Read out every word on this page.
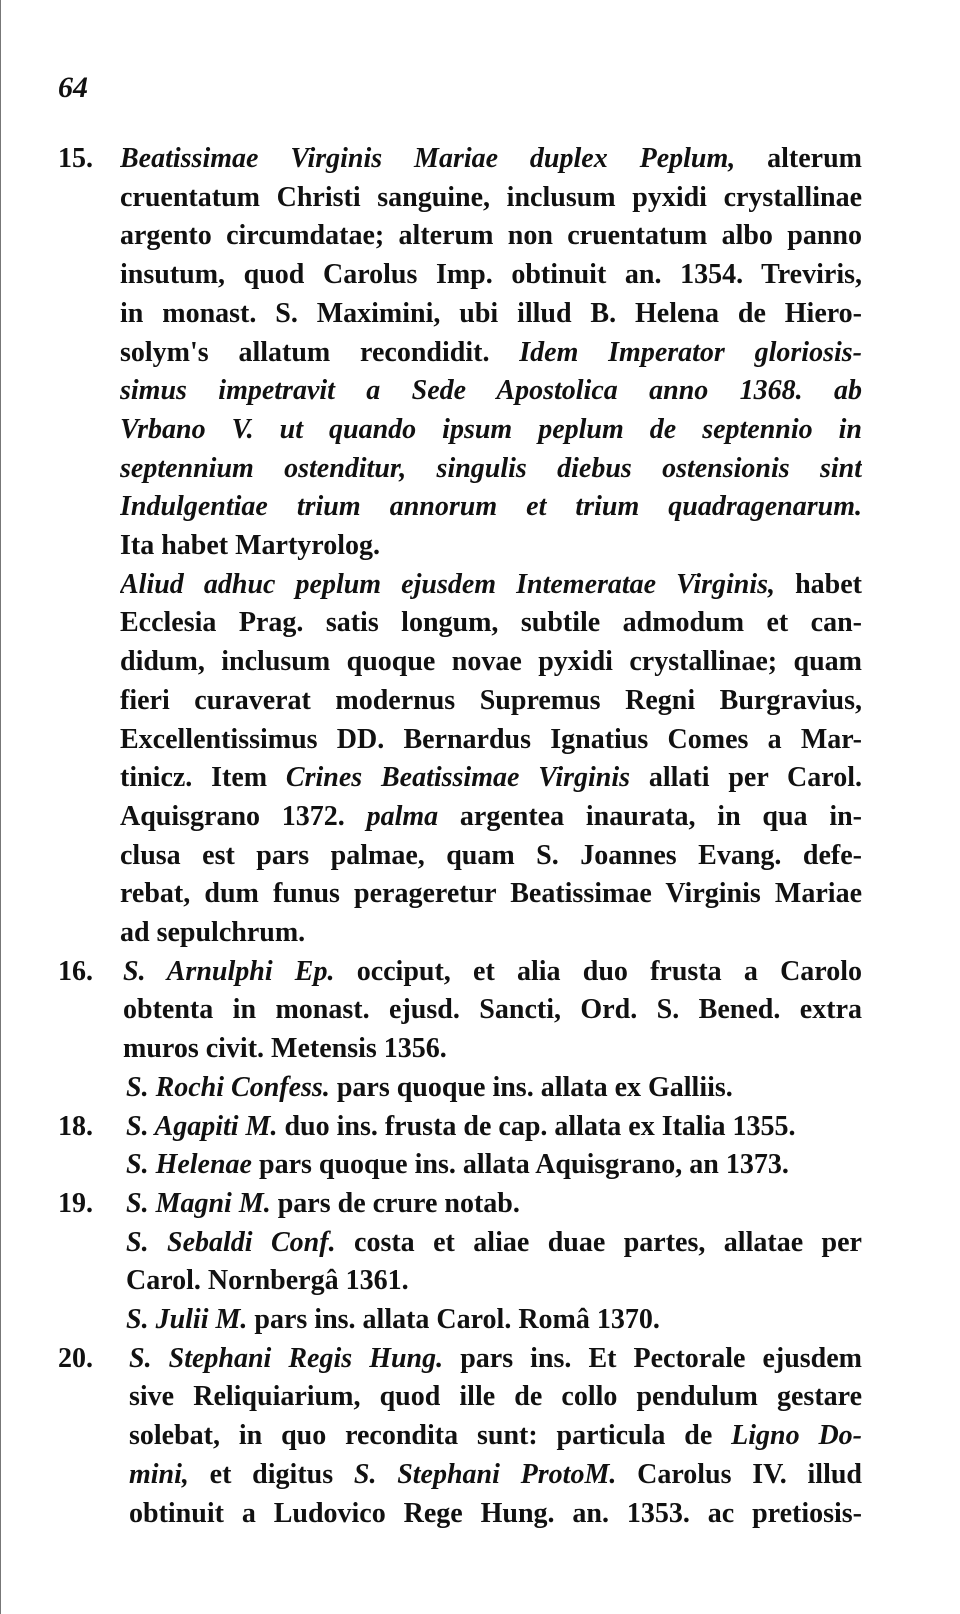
64
15. Beatissimae Virginis Mariae duplex Peplum, alterum
cruentatum Christi sanguine, inclusum pyxidi crystallinae
argento circumdatae; alterum non cruentatum albo panno
insutum, quod Carolus Imp. obtinuit an. 1354. Treviris,
in monast. S. Maximini, ubi illud B. Helena de Hiero-
solym's allatum recondidit. Idem Imperator gloriosis-
simus impetravit a Sede Apostolica anno 1368. ab
Vrbano V. ut quando ipsum peplum de septennio in
septennium ostenditur, singulis diebus ostensionis sint
Indulgentiae trium annorum et trium quadragenarum.
Ita habet Martyrolog.
Aliud adhuc peplum ejusdem Intemeratae Virginis, habet
Ecclesia Prag. satis longum, subtile admodum et can-
didum, inclusum quoque novae pyxidi crystallinae; quam
fieri curaverat modernus Supremus Regni Burgravius,
Excellentissimus DD. Bernardus Ignatius Comes a Mar-
tinicz. Item Crines Beatissimae Virginis allati per Carol.
Aquisgrano 1372. palma argentea inaurata, in qua in-
clusa est pars palmae, quam S. Joannes Evang. defe-
rebat, dum funus perageretur Beatissimae Virginis Mariae
ad sepulchrum.
16. S. Arnulphi Ep. occiput, et alia duo frusta a Carolo
obtenta in monast. ejusd. Sancti, Ord. S. Bened. extra
muros civit. Metensis 1356.
S. Rochi Confess. pars quoque ins. allata ex Galliis.
18. S. Agapiti M. duo ins. frusta de cap. allata ex Italia 1355.
S. Helenae pars quoque ins. allata Aquisgrano, an 1373.
19. S. Magni M. pars de crure notab.
S. Sebaldi Conf. costa et aliae duae partes, allatae per
Carol. Nornbergâ 1361.
S. Julii M. pars ins. allata Carol. Româ 1370.
20. S. Stephani Regis Hung. pars ins. Et Pectorale ejusdem
sive Reliquiarium, quod ille de collo pendulum gestare
solebat, in quo recondita sunt: particula de Ligno Do-
mini, et digitus S. Stephani ProtoM. Carolus IV. illud
obtinuit a Ludovico Rege Hung. an. 1353. ac pretiosis-
